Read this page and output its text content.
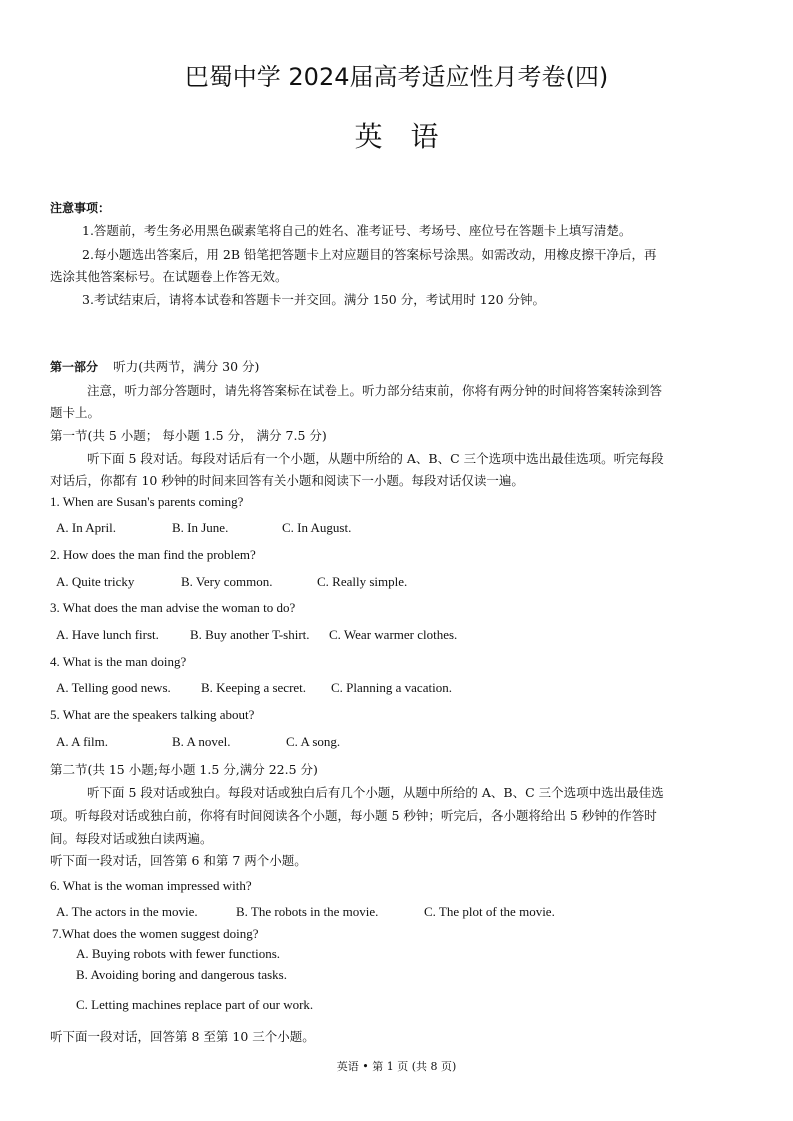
巴蜀中学 2024届高考适应性月考卷(四)
英语
注意事项：
1.答题前，考生务必用黑色碳素笔将自己的姓名、准考证号、考场号、座位号在答题卡上填写清楚。
2.每小题选出答案后，用 2B 铅笔把答题卡上对应题目的答案标号涂黑。如需改动，用橡皮擦干净后，再
选涂其他答案标号。在试题卷上作答无效。
3.考试结束后，请将本试卷和答题卡一并交回。满分 150 分，考试用时 120 分钟。
第一部分 听力(共两节，满分 30 分)
注意，听力部分答题时，请先将答案标在试卷上。听力部分结束前，你将有两分钟的时间将答案转涂到答
题卡上。
第一节(共 5 小题； 每小题 1.5 分， 满分 7.5 分)
听下面 5 段对话。每段对话后有一个小题，从题中所给的 A、B、C 三个选项中选出最佳选项。听完每段
对话后，你都有 10 秒钟的时间来回答有关小题和阅读下一小题。每段对话仅读一遍。
1. When are Susan's parents coming?
A. In April.	B. In June.	C. In August.
2. How does the man find the problem?
A. Quite tricky	B. Very common.	C. Really simple.
3. What does the man advise the woman to do?
A. Have lunch first. B. Buy another T-shirt. C. Wear warmer clothes.
4. What is the man doing?
A. Telling good news. B. Keeping a secret. C. Planning a vacation.
5. What are the speakers talking about?
A. A film.	B. A novel.	C. A song.
第二节(共 15 小题;每小题 1.5 分,满分 22.5 分)
听下面 5 段对话或独白。每段对话或独白后有几个小题，从题中所给的 A、B、C 三个选项中选出最佳选
项。听每段对话或独白前，你将有时间阅读各个小题，每小题 5 秒钟；听完后，各小题将给出 5 秒钟的作答时
间。每段对话或独白读两遍。
听下面一段对话，回答第 6 和第 7 两个小题。
6. What is the woman impressed with?
A. The actors in the movie.	B. The robots in the movie.	C. The plot of the movie.
7.What does the women suggest doing?
A. Buying robots with fewer functions.
B. Avoiding boring and dangerous tasks.
C. Letting machines replace part of our work.
听下面一段对话，回答第 8 至第 10 三个小题。
英语 • 第 1 页 (共 8 页)
